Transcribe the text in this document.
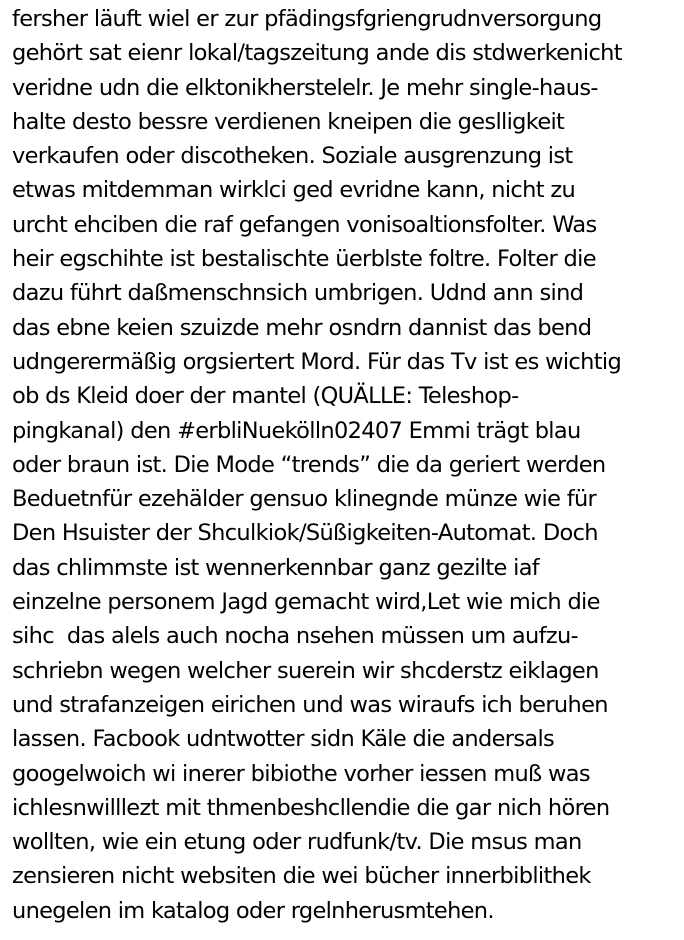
fersher läuft wiel er zur pfädingsfgriengrudnversorgung
gehört sat eienr lokal/tagszeitung ande dis stdwerkenicht
veridne udn die elktonikherstelelr. Je mehr single-haus-
halte desto bessre verdienen kneipen die geslligkeit
verkaufen oder discotheken. Soziale ausgrenzung ist
etwas mitdemman wirklci ged evridne kann, nicht zu
urcht ehciben die raf gefangen vonisoaltionsfolter. Was
heir egschihte ist bestalischte üerblste foltre. Folter die
dazu führt daßmenschnsich umbrigen. Udnd ann sind
das ebne keien szuizde mehr osndrn dannist das bend
udngerermäßig orgsiertert Mord. Für das Tv ist es wichtig
ob ds Kleid doer der mantel (QUÄLLE: Teleshop-
pingkanal) den #erbliNuekölln02407 Emmi trägt blau
oder braun ist. Die Mode “trends” die da geriert werden
Beduetnfür ezehälder gensuo klinegnde münze wie für
Den Hsuister der Shculkiok/Süßigkeiten-Automat. Doch
das chlimmste ist wennerkennbar ganz gezilte iaf
einzelne personem Jagd gemacht wird,Let wie mich die
sihc  das alels auch nocha nsehen müssen um aufzu-
schriebn wegen welcher suerein wir shcderstz eiklagen
und strafanzeigen eirichen und was wiraufs ich beruhen
lassen. Facbook udntwotter sidn Käle die andersals
googelwoich wi inerer bibiothe vorher iessen muß was
ichlesnwilllezt mit thmenbeshcllendie die gar nich hören
wollten, wie ein etung oder rudfunk/tv. Die msus man
zensieren nicht websiten die wei bücher innerbiblithek
unegelen im katalog oder rgelnherusmtehen.
